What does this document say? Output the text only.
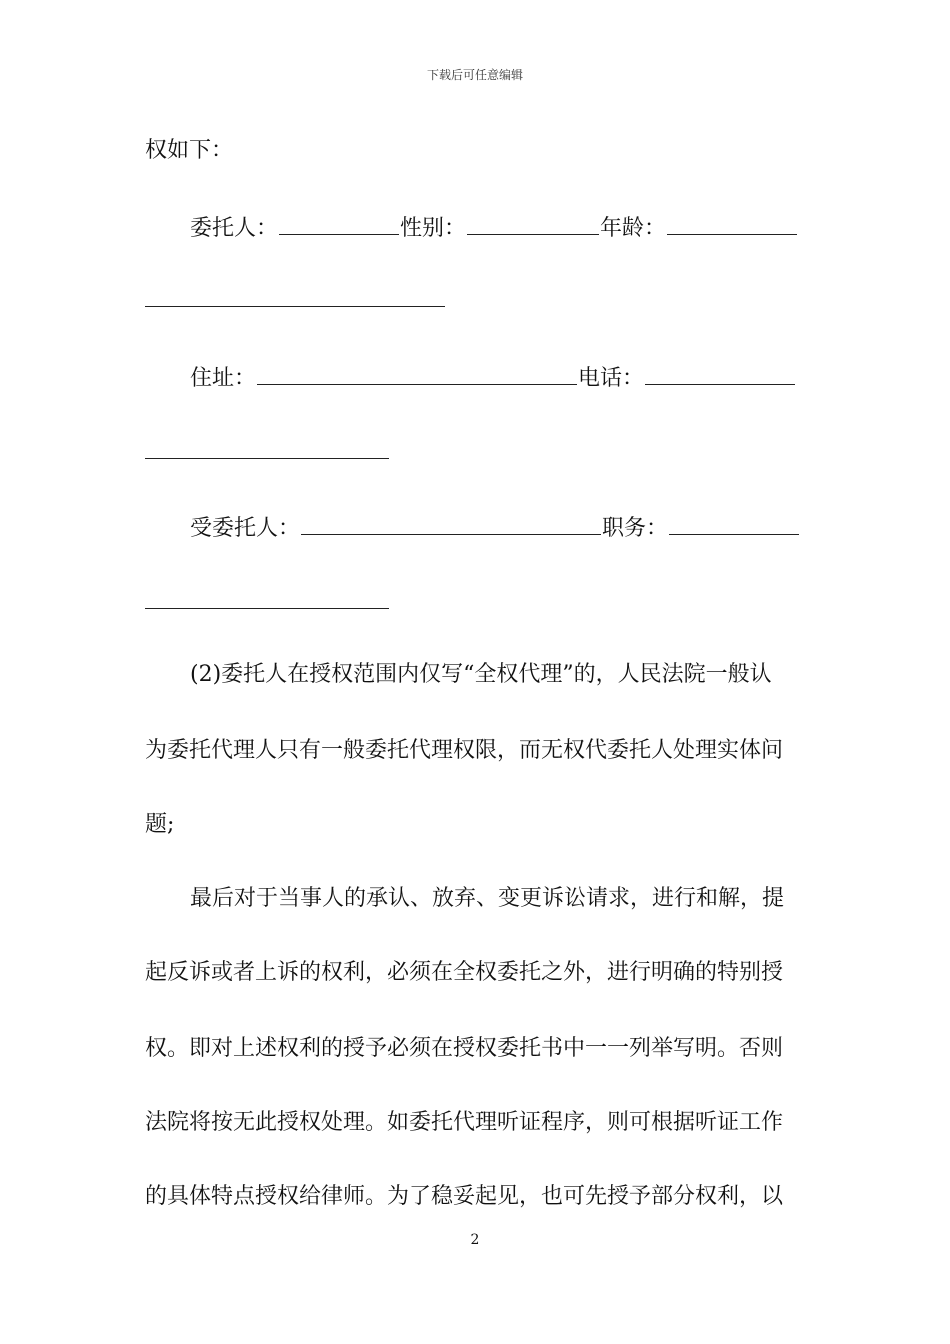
下载后可任意编辑
权如下：
委托人：	性别：	年龄：
住址：	电话：
受委托人：	职务：
(2)委托人在授权范围内仅写“全权代理”的，人民法院一般认
为委托代理人只有一般委托代理权限，而无权代委托人处理实体问
题;
最后对于当事人的承认、放弃、变更诉讼请求，进行和解，提
起反诉或者上诉的权利，必须在全权委托之外，进行明确的特别授
权。即对上述权利的授予必须在授权委托书中一一列举写明。否则
法院将按无此授权处理。如委托代理听证程序，则可根据听证工作
的具体特点授权给律师。为了稳妥起见，也可先授予部分权利，以
2
